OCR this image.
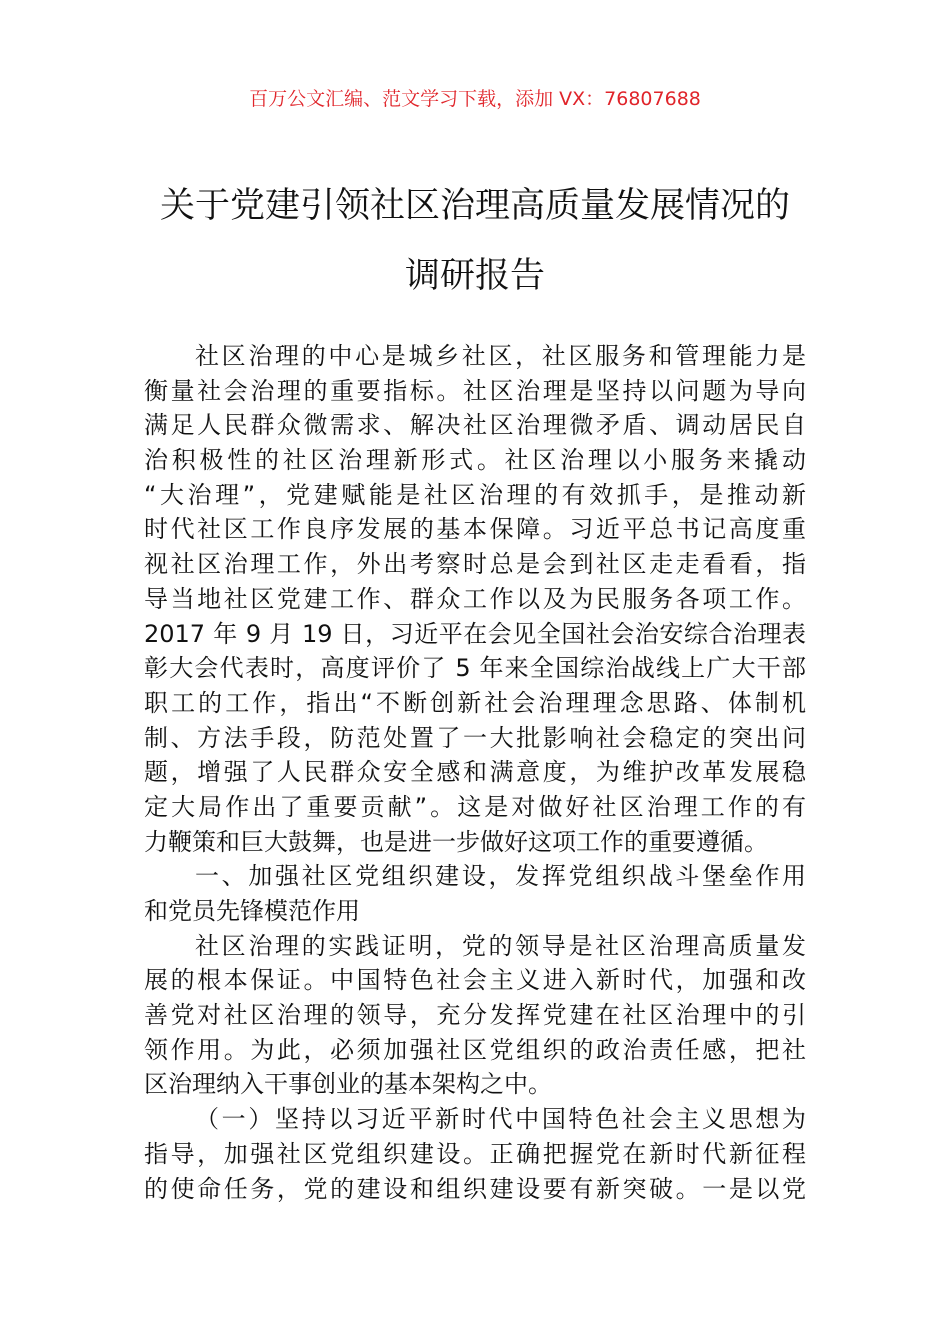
百万公文汇编、范文学习下载，添加 VX：76807688
关于党建引领社区治理高质量发展情况的
调研报告
社区治理的中心是城乡社区，社区服务和管理能力是
衡量社会治理的重要指标。社区治理是坚持以问题为导向
满足人民群众微需求、解决社区治理微矛盾、调动居民自
治积极性的社区治理新形式。社区治理以小服务来撬动
“大治理”，党建赋能是社区治理的有效抓手，是推动新
时代社区工作良序发展的基本保障。习近平总书记高度重
视社区治理工作，外出考察时总是会到社区走走看看，指
导当地社区党建工作、群众工作以及为民服务各项工作。
2017 年 9 月 19 日，习近平在会见全国社会治安综合治理表
彰大会代表时，高度评价了 5 年来全国综治战线上广大干部
职工的工作，指出“不断创新社会治理理念思路、体制机
制、方法手段，防范处置了一大批影响社会稳定的突出问
题，增强了人民群众安全感和满意度，为维护改革发展稳
定大局作出了重要贡献”。这是对做好社区治理工作的有
力鞭策和巨大鼓舞，也是进一步做好这项工作的重要遵循。
一、加强社区党组织建设，发挥党组织战斗堡垒作用
和党员先锋模范作用
社区治理的实践证明，党的领导是社区治理高质量发
展的根本保证。中国特色社会主义进入新时代，加强和改
善党对社区治理的领导，充分发挥党建在社区治理中的引
领作用。为此，必须加强社区党组织的政治责任感，把社
区治理纳入干事创业的基本架构之中。
（一）坚持以习近平新时代中国特色社会主义思想为
指导，加强社区党组织建设。正确把握党在新时代新征程
的使命任务，党的建设和组织建设要有新突破。一是以党
